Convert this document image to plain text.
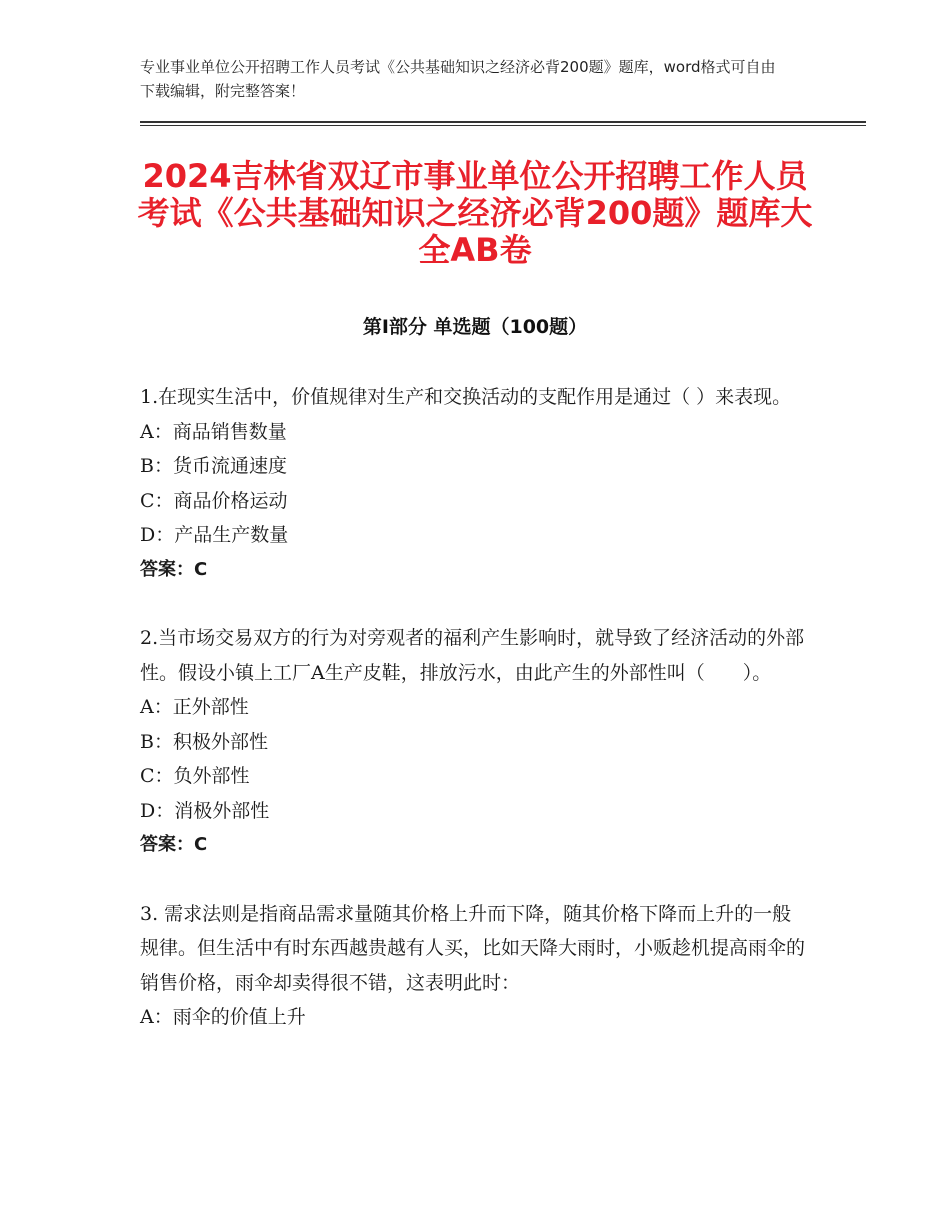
专业事业单位公开招聘工作人员考试《公共基础知识之经济必背200题》题库，word格式可自由下载编辑，附完整答案！
2024吉林省双辽市事业单位公开招聘工作人员考试《公共基础知识之经济必背200题》题库大全AB卷
第Ⅰ部分 单选题（100题）

1.在现实生活中，价值规律对生产和交换活动的支配作用是通过（ ）来表现。

A：商品销售数量

B：货币流通速度

C：商品价格运动

D：产品生产数量

答案：C

2.当市场交易双方的行为对旁观者的福利产生影响时，就导致了经济活动的外部性。假设小镇上工厂A生产皮鞋，排放污水，由此产生的外部性叫（　　）。

A：正外部性

B：积极外部性

C：负外部性

D：消极外部性

答案：C

3. 需求法则是指商品需求量随其价格上升而下降，随其价格下降而上升的一般规律。但生活中有时东西越贵越有人买，比如天降大雨时，小贩趁机提高雨伞的销售价格，雨伞却卖得很不错，这表明此时：

A：雨伞的价值上升
